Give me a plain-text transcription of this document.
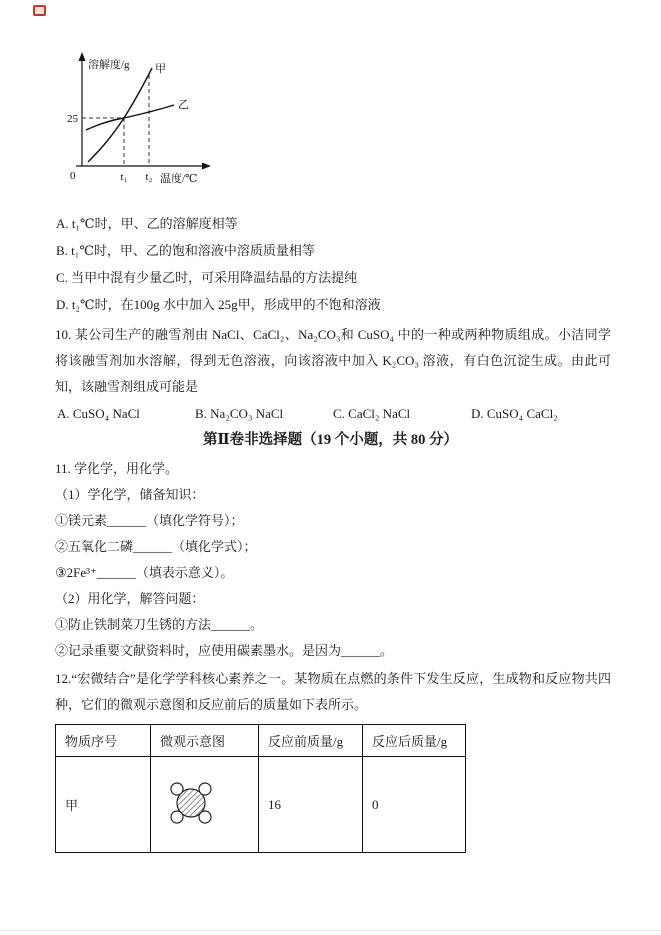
溶解度/g 甲
乙
25
0	t₁ t₂ 温度/℃
A. t₁℃时，甲、乙的溶解度相等
B. t₁℃时，甲、乙的饱和溶液中溶质质量相等
C. 当甲中混有少量乙时，可采用降温结晶的方法提纯
D. t₂℃时，在100g 水中加入 25g甲，形成甲的不饱和溶液

10. 某公司生产的融雪剂由 NaCl、CaCl₂、Na₂CO₃和 CuSO₄ 中的一种或两种物质组成。小洁同学将该融雪剂加水溶解，得到无色溶液，向该溶液中加入 K₂CO₃ 溶液，有白色沉淀生成。由此可知，该融雪剂组成可能是

A. CuSO₄ NaCl	B. Na₂CO₃ NaCl	C. CaCl₂ NaCl	D. CuSO₄ CaCl₂
第Ⅱ卷非选择题（19 个小题，共 80 分）
11. 学化学，用化学。
（1）学化学，储备知识：
①镁元素______（填化学符号）；
②五氧化二磷______（填化学式）；
③2Fe³⁺______（填表示意义）。
（2）用化学，解答问题：
①防止铁制菜刀生锈的方法______。
②记录重要文献资料时，应使用碳素墨水。是因为______。

12.“宏微结合”是化学学科核心素养之一。某物质在点燃的条件下发生反应，生成物和反应物共四种，它们的微观示意图和反应前后的质量如下表所示。

物质序号	微观示意图	反应前质量/g	反应后质量/g
甲		16	0
